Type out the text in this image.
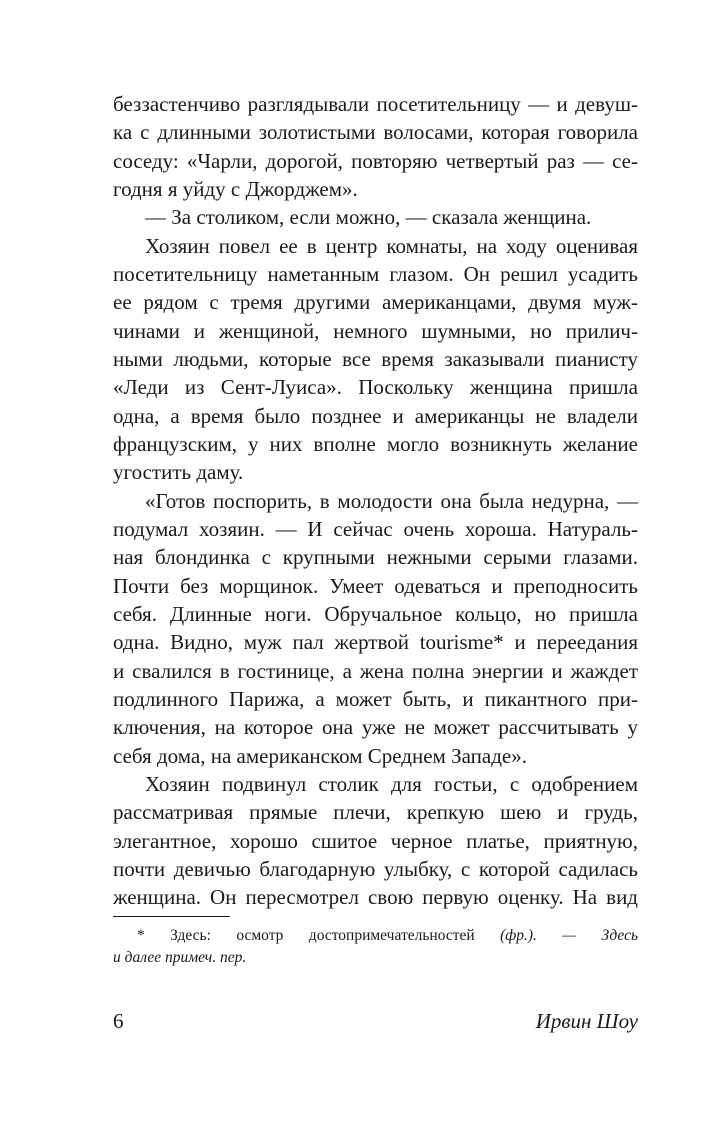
беззастенчиво разглядывали посетительницу — и девуш-
ка с длинными золотистыми волосами, которая говорила
соседу: «Чарли, дорогой, повторяю четвертый раз — се-
годня я уйду с Джорджем».
— За столиком, если можно, — сказала женщина.
Хозяин повел ее в центр комнаты, на ходу оценивая
посетительницу наметанным глазом. Он решил усадить
ее рядом с тремя другими американцами, двумя муж-
чинами и женщиной, немного шумными, но прилич-
ными людьми, которые все время заказывали пианисту
«Леди из Сент-Луиса». Поскольку женщина пришла
одна, а время было позднее и американцы не владели
французским, у них вполне могло возникнуть желание
угостить даму.
«Готов поспорить, в молодости она была недурна, —
подумал хозяин. — И сейчас очень хороша. Натураль-
ная блондинка с крупными нежными серыми глазами.
Почти без морщинок. Умеет одеваться и преподносить
себя. Длинные ноги. Обручальное кольцо, но пришла
одна. Видно, муж пал жертвой tourisme* и переедания
и свалился в гостинице, а жена полна энергии и жаждет
подлинного Парижа, а может быть, и пикантного при-
ключения, на которое она уже не может рассчитывать у
себя дома, на американском Среднем Западе».
Хозяин подвинул столик для гостьи, с одобрением
рассматривая прямые плечи, крепкую шею и грудь,
элегантное, хорошо сшитое черное платье, приятную,
почти девичью благодарную улыбку, с которой садилась
женщина. Он пересмотрел свою первую оценку. На вид
* Здесь: осмотр достопримечательностей (фр.). — Здесь
и далее примеч. пер.
6	Ирвин Шоу
